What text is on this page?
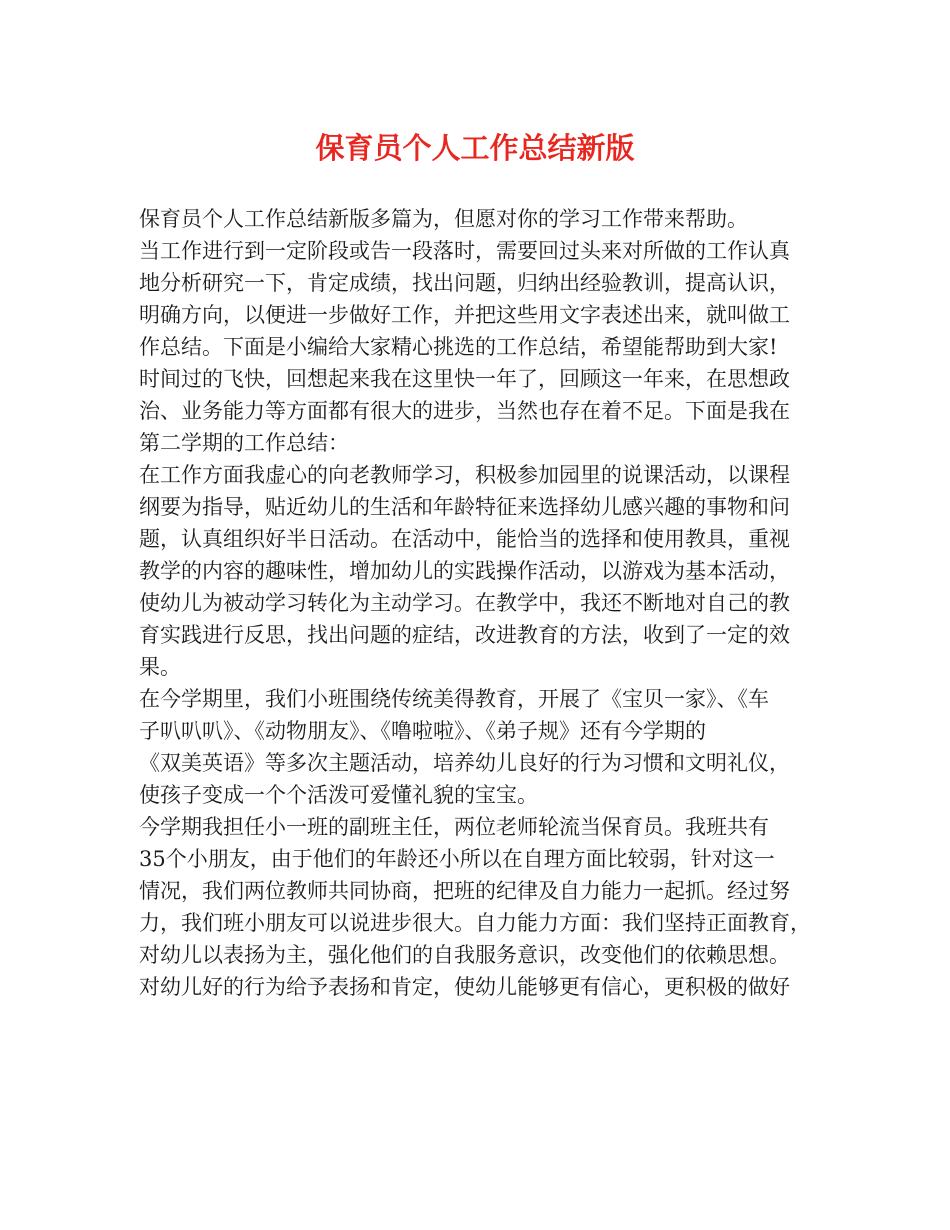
保育员个人工作总结新版
保育员个人工作总结新版多篇为，但愿对你的学习工作带来帮助。
当工作进行到一定阶段或告一段落时，需要回过头来对所做的工作认真
地分析研究一下，肯定成绩，找出问题，归纳出经验教训，提高认识，
明确方向，以便进一步做好工作，并把这些用文字表述出来，就叫做工
作总结。下面是小编给大家精心挑选的工作总结，希望能帮助到大家!
时间过的飞快，回想起来我在这里快一年了，回顾这一年来，在思想政
治、业务能力等方面都有很大的进步，当然也存在着不足。下面是我在
第二学期的工作总结：
在工作方面我虚心的向老教师学习，积极参加园里的说课活动，以课程
纲要为指导，贴近幼儿的生活和年龄特征来选择幼儿感兴趣的事物和问
题，认真组织好半日活动。在活动中，能恰当的选择和使用教具，重视
教学的内容的趣味性，增加幼儿的实践操作活动，以游戏为基本活动，
使幼儿为被动学习转化为主动学习。在教学中，我还不断地对自己的教
育实践进行反思，找出问题的症结，改进教育的方法，收到了一定的效
果。
在今学期里，我们小班围绕传统美得教育，开展了《宝贝一家》、《车
子叭叭叭》、《动物朋友》、《噜啦啦》、《弟子规》还有今学期的
《双美英语》等多次主题活动，培养幼儿良好的行为习惯和文明礼仪，
使孩子变成一个个活泼可爱懂礼貌的宝宝。
今学期我担任小一班的副班主任，两位老师轮流当保育员。我班共有
35个小朋友，由于他们的年龄还小所以在自理方面比较弱，针对这一
情况，我们两位教师共同协商，把班的纪律及自力能力一起抓。经过努
力，我们班小朋友可以说进步很大。自力能力方面：我们坚持正面教育，
对幼儿以表扬为主，强化他们的自我服务意识，改变他们的依赖思想。
对幼儿好的行为给予表扬和肯定，使幼儿能够更有信心，更积极的做好
